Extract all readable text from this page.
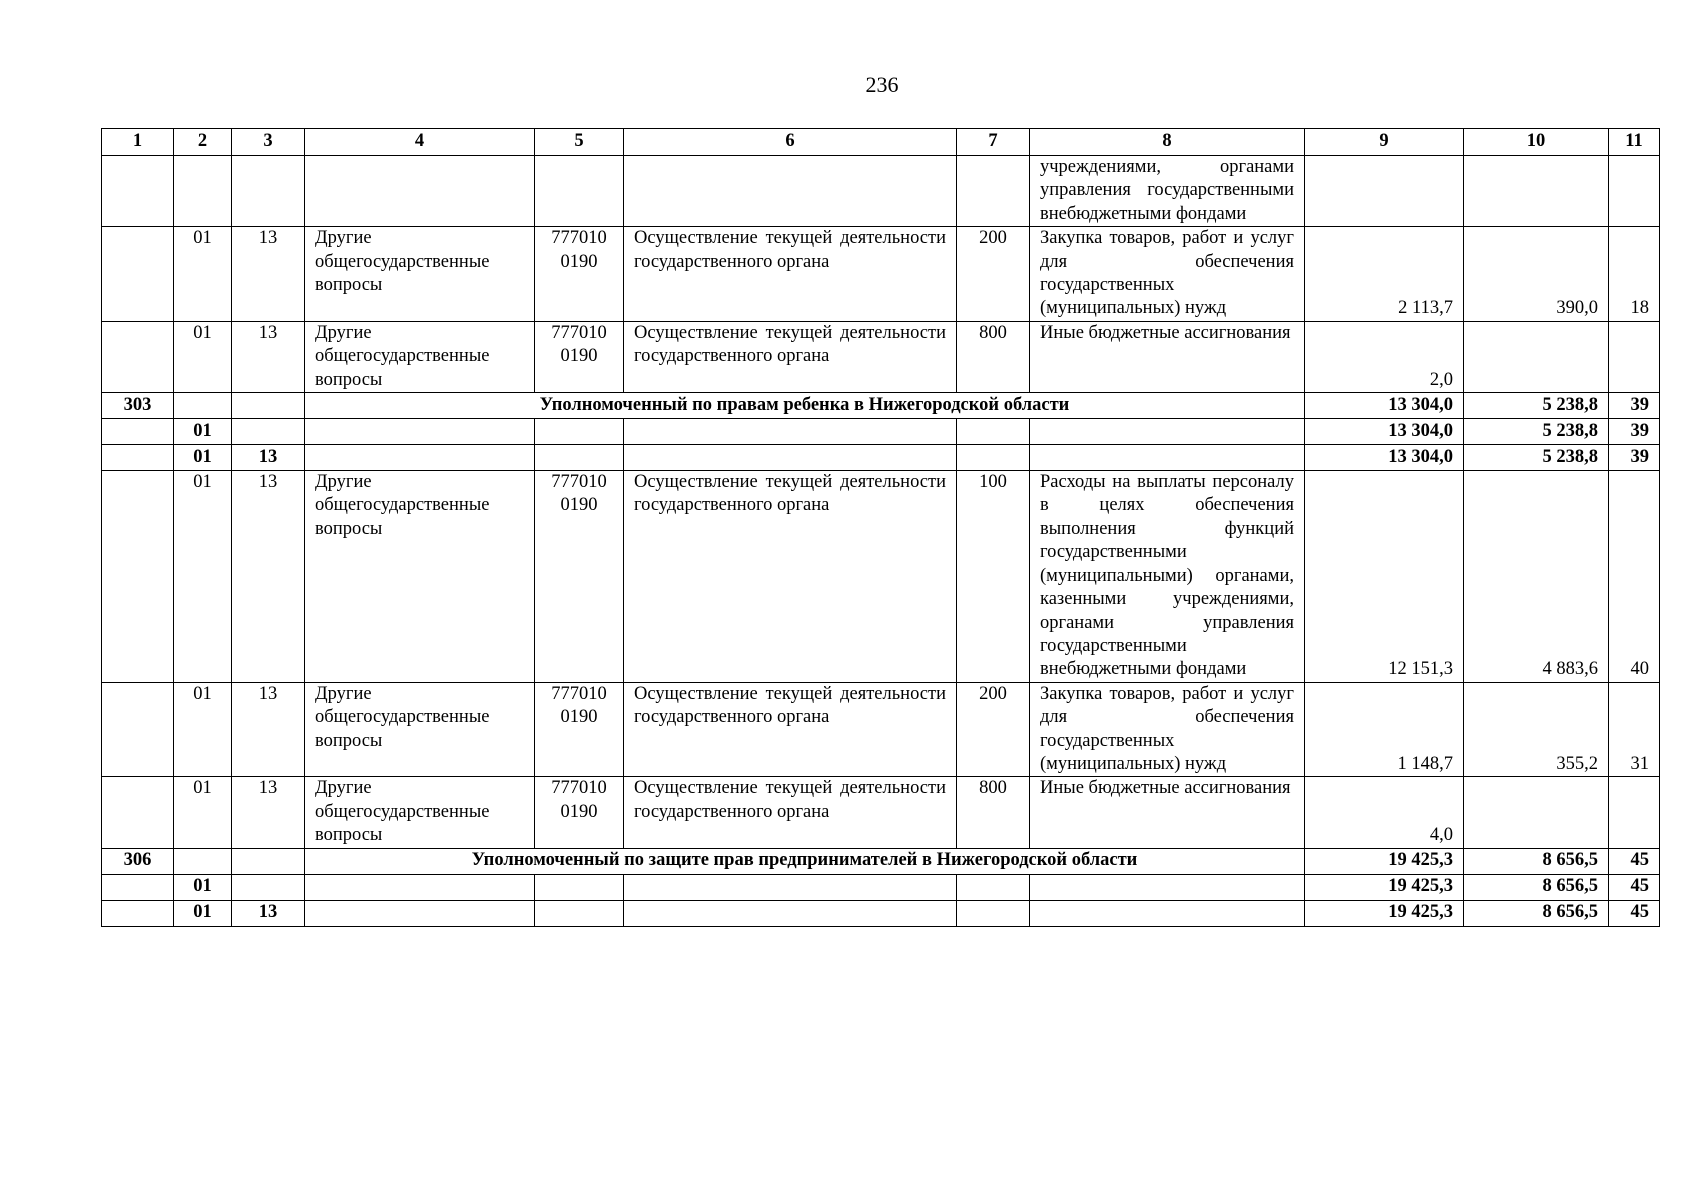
236
1	2	3	4	5	6	7	8	9	10	11
							учреждениями, органами управления государственными внебюджетными фондами			
	01	13	Другие общегосударственные вопросы	777010 0190	Осуществление текущей деятельности государственного органа	200	Закупка товаров, работ и услуг для обеспечения государственных (муниципальных) нужд	2 113,7	390,0	18
	01	13	Другие общегосударственные вопросы	777010 0190	Осуществление текущей деятельности государственного органа	800	Иные бюджетные ассигнования	2,0		
303			Уполномоченный по правам ребенка в Нижегородской области					13 304,0	5 238,8	39
	01							13 304,0	5 238,8	39
	01	13						13 304,0	5 238,8	39
	01	13	Другие общегосударственные вопросы	777010 0190	Осуществление текущей деятельности государственного органа	100	Расходы на выплаты персоналу в целях обеспечения выполнения функций государственными (муниципальными) органами, казенными учреждениями, органами управления государственными внебюджетными фондами	12 151,3	4 883,6	40
	01	13	Другие общегосударственные вопросы	777010 0190	Осуществление текущей деятельности государственного органа	200	Закупка товаров, работ и услуг для обеспечения государственных (муниципальных) нужд	1 148,7	355,2	31
	01	13	Другие общегосударственные вопросы	777010 0190	Осуществление текущей деятельности государственного органа	800	Иные бюджетные ассигнования	4,0		
306			Уполномоченный по защите прав предпринимателей в Нижегородской области					19 425,3	8 656,5	45
	01							19 425,3	8 656,5	45
	01	13						19 425,3	8 656,5	45
